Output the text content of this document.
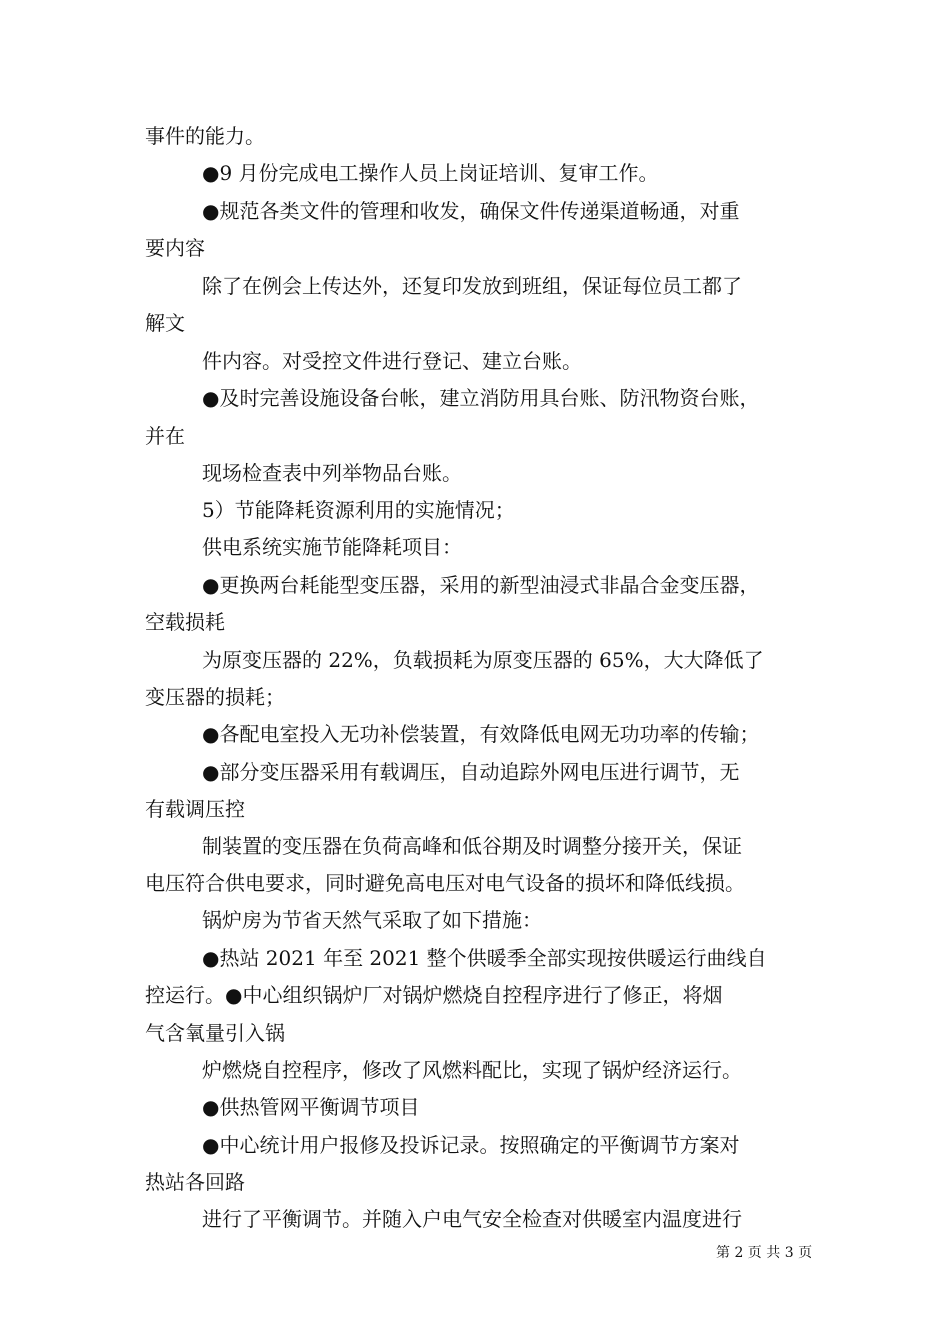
事件的能力。
●9 月份完成电工操作人员上岗证培训、复审工作。
●规范各类文件的管理和收发，确保文件传递渠道畅通，对重
要内容
除了在例会上传达外，还复印发放到班组，保证每位员工都了
解文
件内容。对受控文件进行登记、建立台账。
●及时完善设施设备台帐，建立消防用具台账、防汛物资台账，
并在
现场检查表中列举物品台账。
5）节能降耗资源利用的实施情况；
供电系统实施节能降耗项目：
●更换两台耗能型变压器，采用的新型油浸式非晶合金变压器，
空载损耗
为原变压器的 22%，负载损耗为原变压器的 65%，大大降低了
变压器的损耗；
●各配电室投入无功补偿装置，有效降低电网无功功率的传输；
●部分变压器采用有载调压，自动追踪外网电压进行调节，无
有载调压控
制装置的变压器在负荷高峰和低谷期及时调整分接开关，保证
电压符合供电要求，同时避免高电压对电气设备的损坏和降低线损。
锅炉房为节省天然气采取了如下措施：
●热站 2021 年至 2021 整个供暖季全部实现按供暖运行曲线自
控运行。●中心组织锅炉厂对锅炉燃烧自控程序进行了修正，将烟
气含氧量引入锅
炉燃烧自控程序，修改了风燃料配比，实现了锅炉经济运行。
●供热管网平衡调节项目
●中心统计用户报修及投诉记录。按照确定的平衡调节方案对
热站各回路
进行了平衡调节。并随入户电气安全检查对供暖室内温度进行
第 2 页 共 3 页
